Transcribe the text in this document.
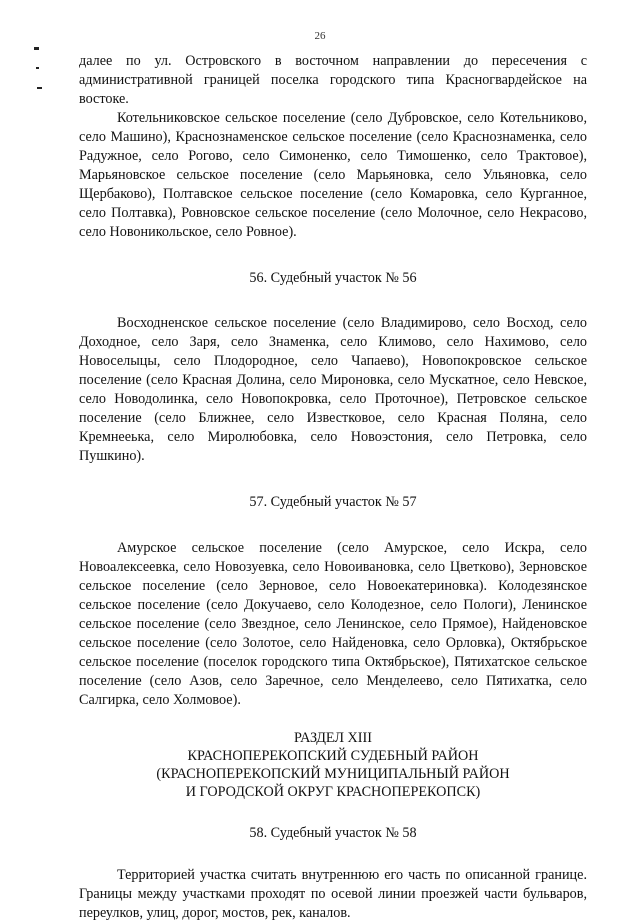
26

далее по ул. Островского в восточном направлении до пересечения с административной границей поселка городского типа Красногвардейское на востоке.

Котельниковское сельское поселение (село Дубровское, село Котельниково, село Машино), Краснознаменское сельское поселение (село Краснознаменка, село Радужное, село Рогово, село Симоненко, село Тимошенко, село Трактовое), Марьяновское сельское поселение (село Марьяновка, село Ульяновка, село Щербаково), Полтавское сельское поселение (село Комаровка, село Курганное, село Полтавка), Ровновское сельское поселение (село Молочное, село Некрасово, село Новоникольское, село Ровное).

56. Судебный участок № 56

Восходненское сельское поселение (село Владимирово, село Восход, село Доходное, село Заря, село Знаменка, село Климово, село Нахимово, село Новоселыцы, село Плодородное, село Чапаево), Новопокровское сельское поселение (село Красная Долина, село Мироновка, село Мускатное, село Невское, село Новодолинка, село Новопокровка, село Проточное), Петровское сельское поселение (село Ближнее, село Известковое, село Красная Поляна, село Кремнееька, село Миролюбовка, село Новоэстония, село Петровка, село Пушкино).

57. Судебный участок № 57

Амурское сельское поселение (село Амурское, село Искра, село Новоалексеевка, село Новозуевка, село Новоивановка, село Цветково), Зерновское сельское поселение (село Зерновое, село Новоекатериновка). Колодезянское сельское поселение (село Докучаево, село Колодезное, село Пологи), Ленинское сельское поселение (село Звездное, село Ленинское, село Прямое), Найденовское сельское поселение (село Золотое, село Найденовка, село Орловка), Октябрьское сельское поселение (поселок городского типа Октябрьское), Пятихатское сельское поселение (село Азов, село Заречное, село Менделеево, село Пятихатка, село Салгирка, село Холмовое).

РАЗДЕЛ XIII
КРАСНОПЕРЕКОПСКИЙ СУДЕБНЫЙ РАЙОН
(КРАСНОПЕРЕКОПСКИЙ МУНИЦИПАЛЬНЫЙ РАЙОН
И ГОРОДСКОЙ ОКРУГ КРАСНОПЕРЕКОПСК)

58. Судебный участок № 58

Территорией участка считать внутреннюю его часть по описанной границе. Границы между участками проходят по осевой линии проезжей части бульваров, переулков, улиц, дорог, мостов, рек, каналов.
